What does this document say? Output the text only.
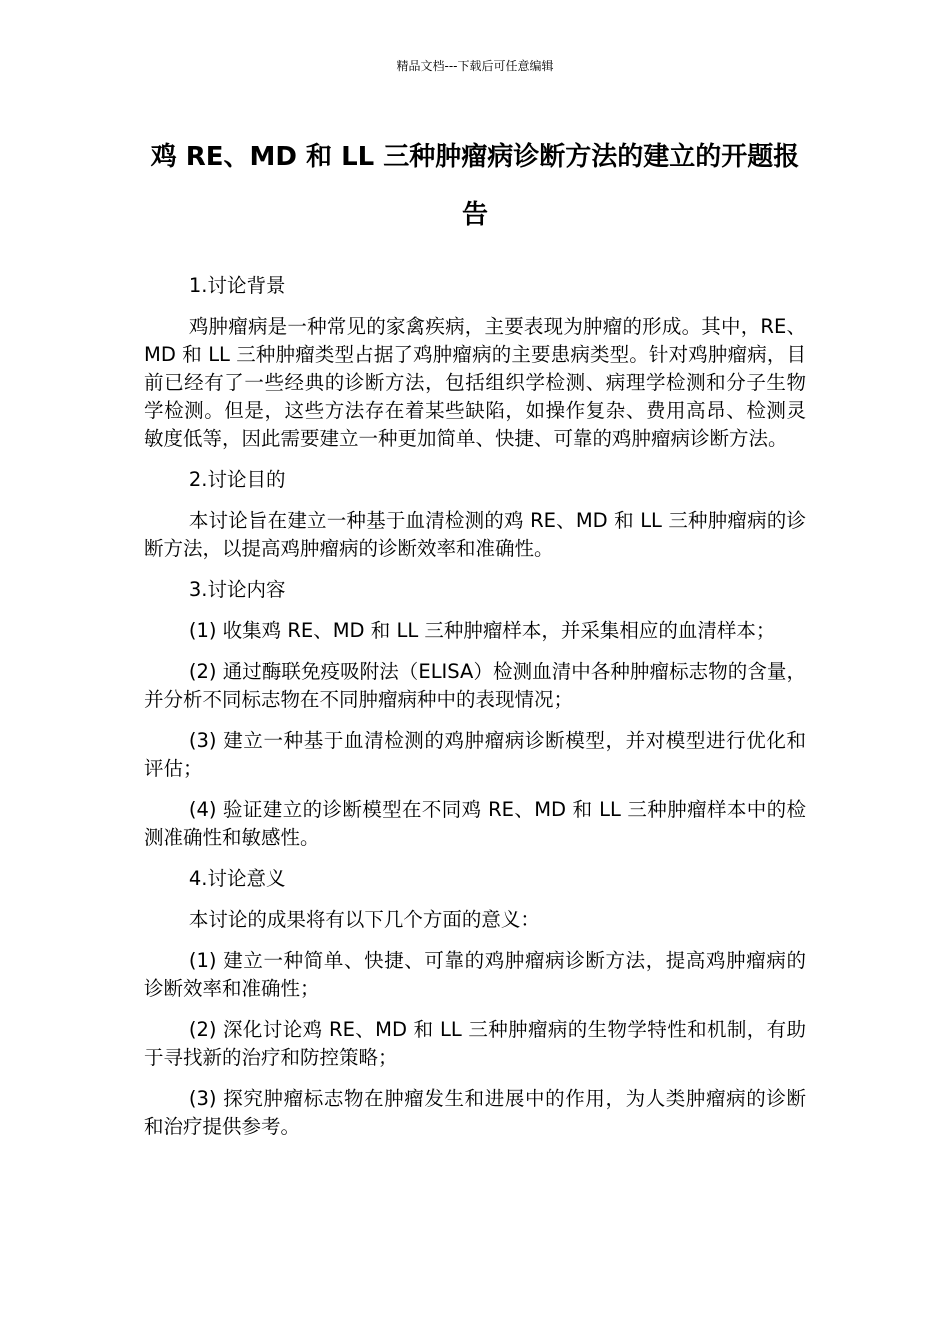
精品文档---下载后可任意编辑
鸡 RE、MD 和 LL 三种肿瘤病诊断方法的建立的开题报告

1.讨论背景

鸡肿瘤病是一种常见的家禽疾病，主要表现为肿瘤的形成。其中，RE、MD 和 LL 三种肿瘤类型占据了鸡肿瘤病的主要患病类型。针对鸡肿瘤病，目前已经有了一些经典的诊断方法，包括组织学检测、病理学检测和分子生物学检测。但是，这些方法存在着某些缺陷，如操作复杂、费用高昂、检测灵敏度低等，因此需要建立一种更加简单、快捷、可靠的鸡肿瘤病诊断方法。

2.讨论目的

本讨论旨在建立一种基于血清检测的鸡 RE、MD 和 LL 三种肿瘤病的诊断方法，以提高鸡肿瘤病的诊断效率和准确性。

3.讨论内容

(1) 收集鸡 RE、MD 和 LL 三种肿瘤样本，并采集相应的血清样本；

(2) 通过酶联免疫吸附法（ELISA）检测血清中各种肿瘤标志物的含量，并分析不同标志物在不同肿瘤病种中的表现情况；

(3) 建立一种基于血清检测的鸡肿瘤病诊断模型，并对模型进行优化和评估；

(4) 验证建立的诊断模型在不同鸡 RE、MD 和 LL 三种肿瘤样本中的检测准确性和敏感性。

4.讨论意义

本讨论的成果将有以下几个方面的意义：

(1) 建立一种简单、快捷、可靠的鸡肿瘤病诊断方法，提高鸡肿瘤病的诊断效率和准确性；

(2) 深化讨论鸡 RE、MD 和 LL 三种肿瘤病的生物学特性和机制，有助于寻找新的治疗和防控策略；

(3) 探究肿瘤标志物在肿瘤发生和进展中的作用，为人类肿瘤病的诊断和治疗提供参考。
